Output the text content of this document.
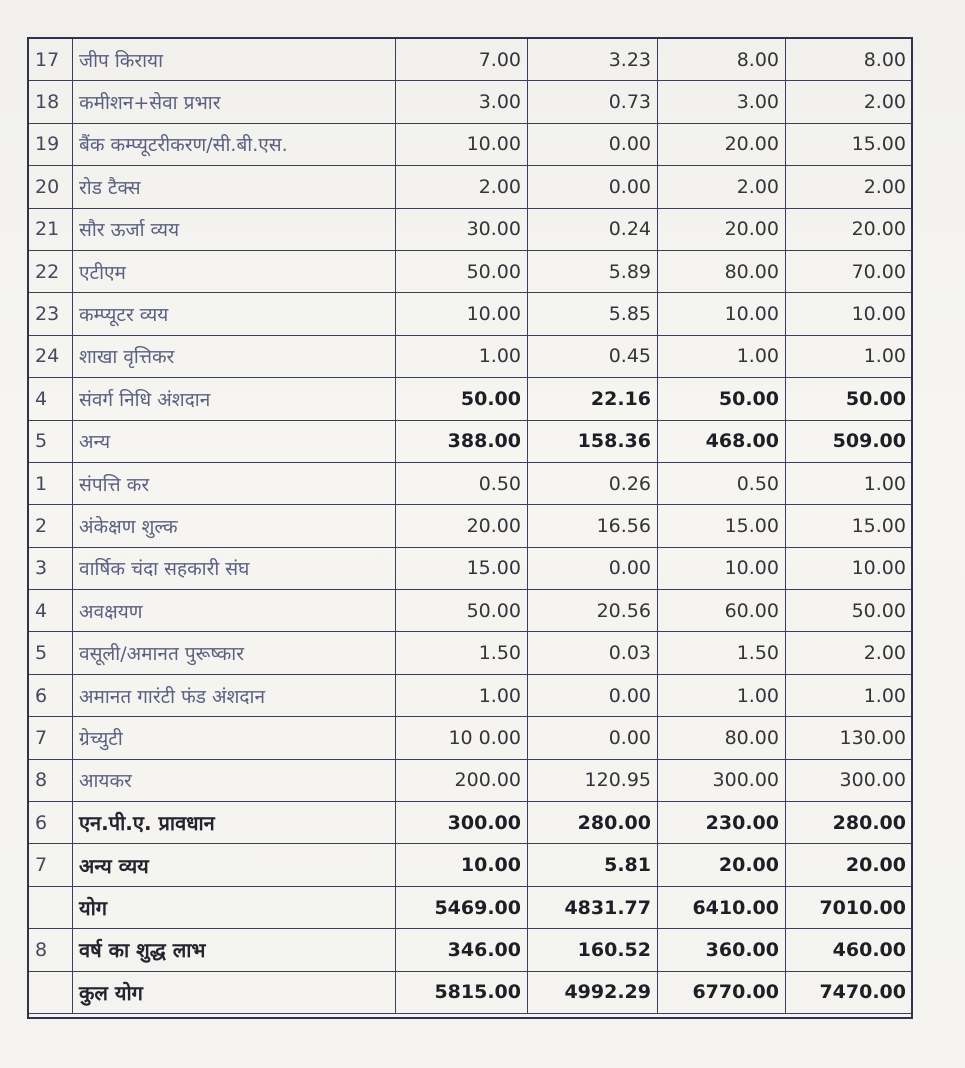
17	जीप किराया	7.00	3.23	8.00	8.00
18	कमीशन+सेवा प्रभार	3.00	0.73	3.00	2.00
19	बैंक कम्प्यूटरीकरण/सी.बी.एस.	10.00	0.00	20.00	15.00
20	रोड टैक्स	2.00	0.00	2.00	2.00
21	सौर ऊर्जा व्यय	30.00	0.24	20.00	20.00
22	एटीएम	50.00	5.89	80.00	70.00
23	कम्प्यूटर व्यय	10.00	5.85	10.00	10.00
24	शाखा वृत्तिकर	1.00	0.45	1.00	1.00
4	संवर्ग निधि अंशदान	50.00	22.16	50.00	50.00
5	अन्य	388.00	158.36	468.00	509.00
1	संपत्ति कर	0.50	0.26	0.50	1.00
2	अंकेक्षण शुल्क	20.00	16.56	15.00	15.00
3	वार्षिक चंदा सहकारी संघ	15.00	0.00	10.00	10.00
4	अवक्षयण	50.00	20.56	60.00	50.00
5	वसूली/अमानत पुरूष्कार	1.50	0.03	1.50	2.00
6	अमानत गारंटी फंड अंशदान	1.00	0.00	1.00	1.00
7	ग्रेच्युटी	10 0.00	0.00	80.00	130.00
8	आयकर	200.00	120.95	300.00	300.00
6	एन.पी.ए. प्रावधान	300.00	280.00	230.00	280.00
7	अन्य व्यय	10.00	5.81	20.00	20.00
	योग	5469.00	4831.77	6410.00	7010.00
8	वर्ष का शुद्ध लाभ	346.00	160.52	360.00	460.00
	कुल योग	5815.00	4992.29	6770.00	7470.00
